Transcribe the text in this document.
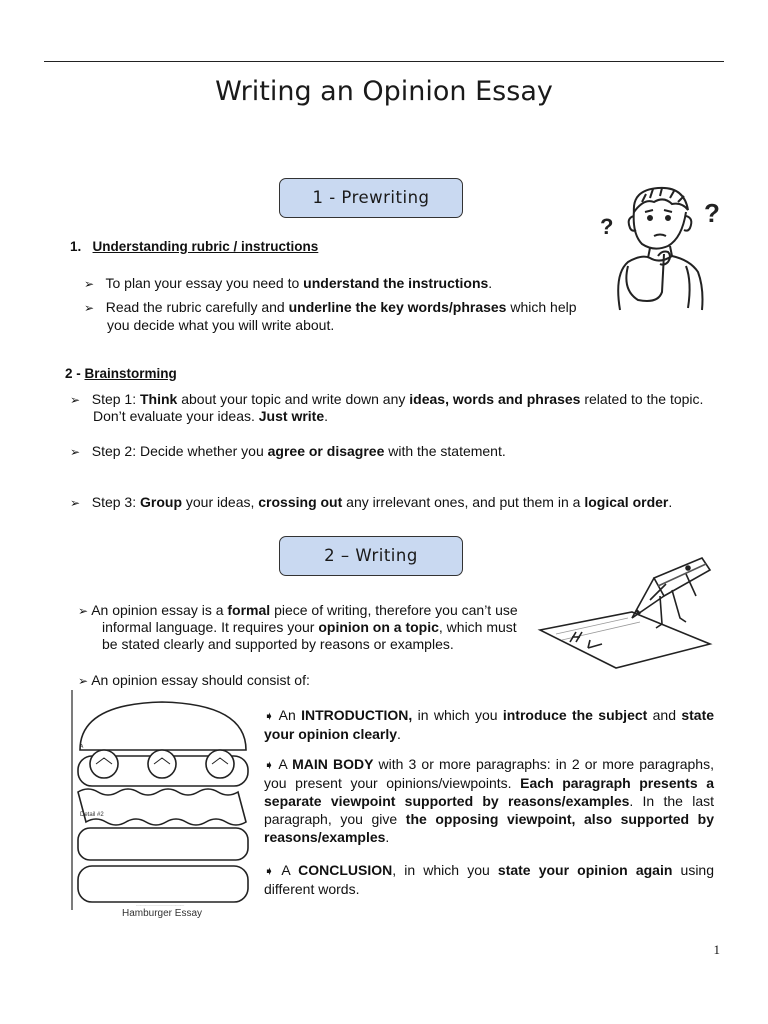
Writing an Opinion Essay
1 - Prewriting
?	?
1. Understanding rubric / instructions
➢ To plan your essay you need to understand the instructions.
➢ Read the rubric carefully and underline the key words/phrases which help
you decide what you will write about.
2 - Brainstorming
➢ Step 1: Think about your topic and write down any ideas, words and phrases related to the topic.
Don’t evaluate your ideas. Just write.
➢ Step 2: Decide whether you agree or disagree with the statement.
➢ Step 3: Group your ideas, crossing out any irrelevant ones, and put them in a logical order.
2 – Writing
➢ An opinion essay is a formal piece of writing, therefore you can’t use
informal language. It requires your opinion on a topic, which must
be stated clearly and supported by reasons or examples.
➢ An opinion essay should consist of:
A
Detail #2
..................................................
Hamburger Essay
➧ An INTRODUCTION, in which you introduce the subject and state your opinion clearly.
➧ A MAIN BODY with 3 or more paragraphs: in 2 or more paragraphs, you present your opinions/viewpoints. Each paragraph presents a separate viewpoint supported by reasons/examples. In the last paragraph, you give the opposing viewpoint, also supported by reasons/examples.
➧ A CONCLUSION, in which you state your opinion again using different words.
1
